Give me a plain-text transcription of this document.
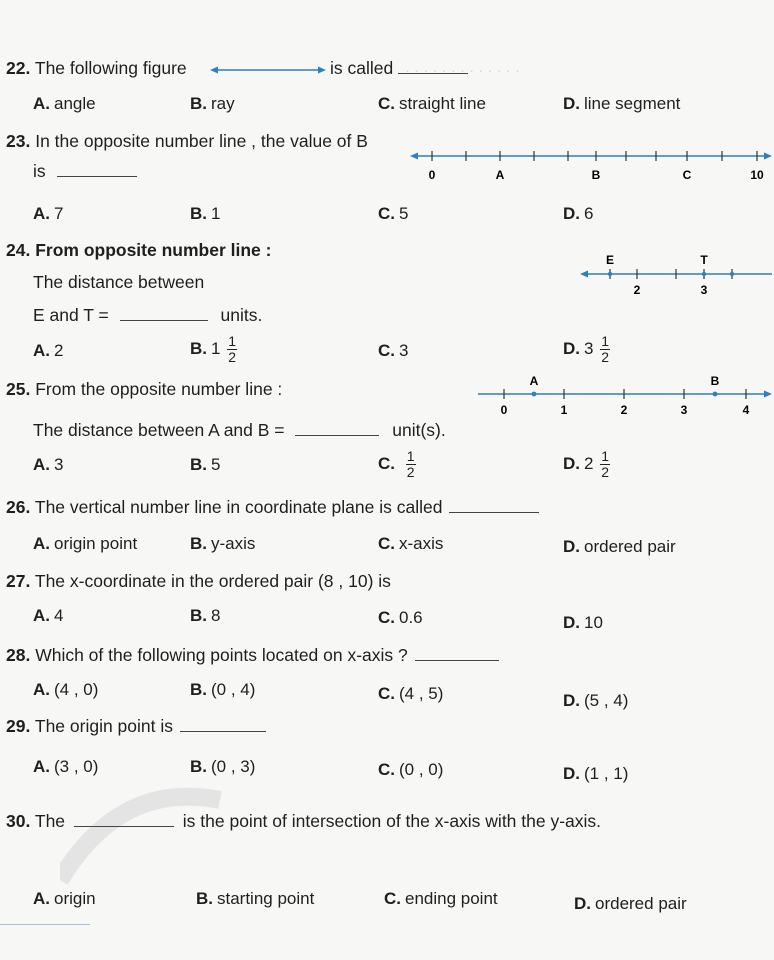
· · · · · · · · · · · · ·
22. The following figure	is called
A. angle	B. ray	C. straight line	D. line segment
23. In the opposite number line , the value of B
is	0	A	B	C	10
A. 7	B. 1	C. 5	D. 6
24. From opposite number line :
The distance between
E and T =	units.
E	T
2	3
A. 2	B. $1 \frac{1}{2}$	C. 3	D. $3 \frac{1}{2}$
25. From the opposite number line :
The distance between A and B =	unit(s).
A	B
0	1	2	3	4
A. 3	B. 5	C. $\frac{1}{2}$	D. $2 \frac{1}{2}$
26. The vertical number line in coordinate plane is called
A. origin point	B. y-axis	C. x-axis	D. ordered pair
27. The x-coordinate in the ordered pair (8 , 10) is
A. 4	B. 8	C. 0.6	D. 10
28. Which of the following points located on x-axis ?
A. (4 , 0)	B. (0 , 4)	C. (4 , 5)	D. (5 , 4)
29. The origin point is
A. (3 , 0)	B. (0 , 3)	C. (0 , 0)	D. (1 , 1)
30. The	is the point of intersection of the x-axis with the y-axis.
A. origin	B. starting point	C. ending point	D. ordered pair
